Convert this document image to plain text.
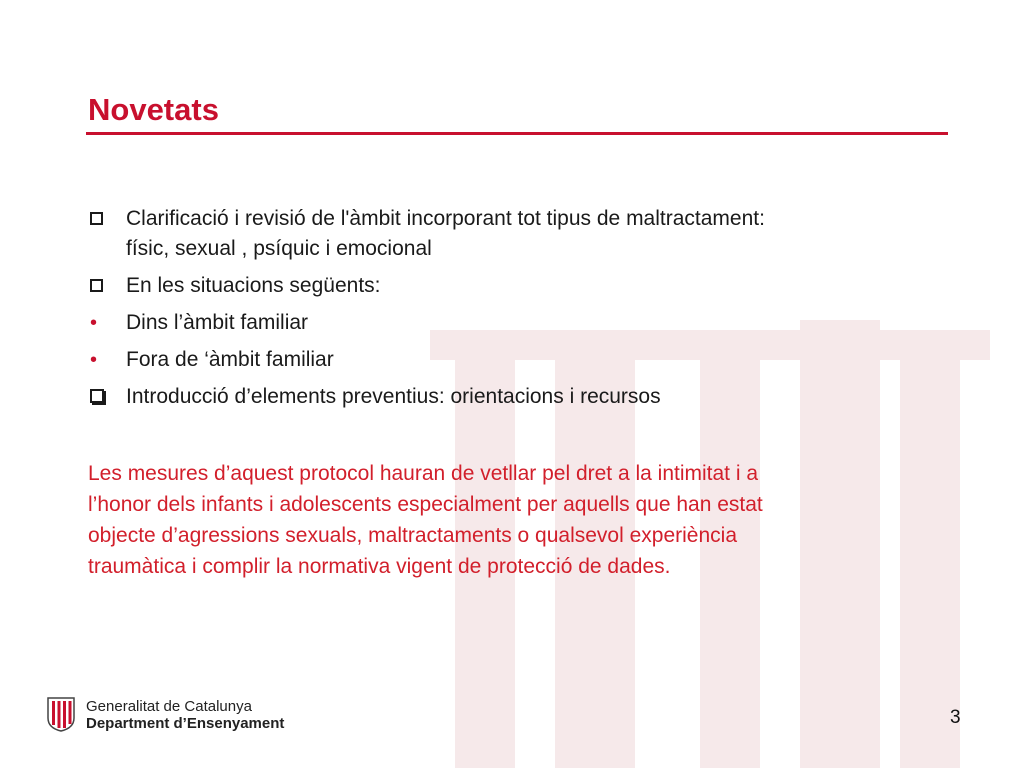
Novetats
Clarificació i revisió de l'àmbit incorporant tot tipus de maltractament:
físic, sexual , psíquic i emocional
En les situacions següents:
• Dins l’àmbit familiar
• Fora de ‘àmbit familiar
Introducció d’elements preventius: orientacions i recursos
Les mesures d’aquest protocol hauran de vetllar pel dret a la intimitat i a
l’honor dels infants i adolescents especialment per aquells que han estat
objecte d’agressions sexuals, maltractaments o qualsevol experiència
traumàtica i complir la normativa vigent de protecció de dades.
Generalitat de Catalunya
Department d’Ensenyament	3
